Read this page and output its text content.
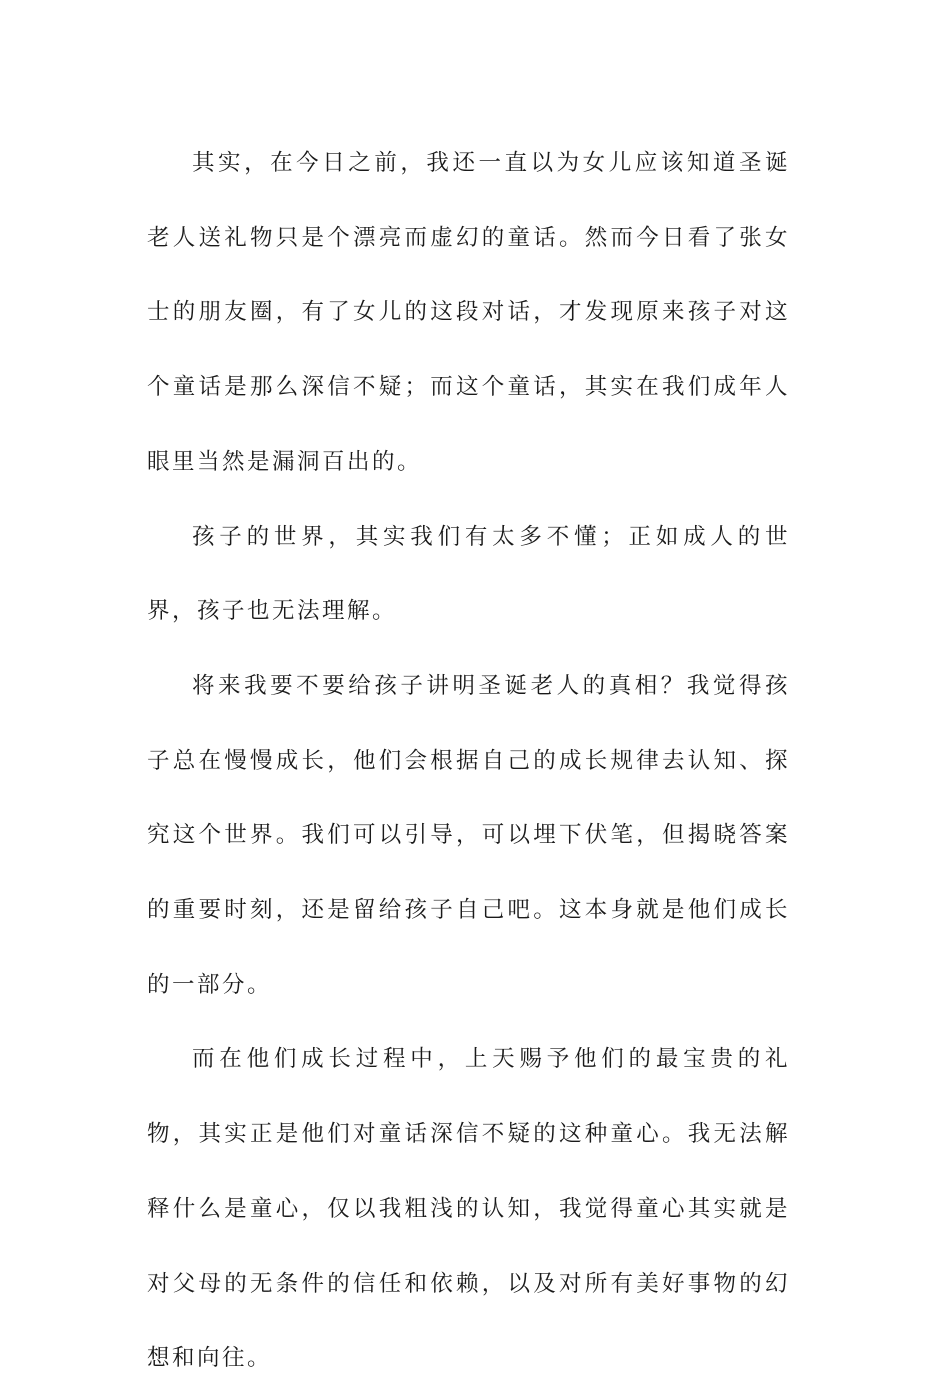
其实，在今日之前，我还一直以为女儿应该知道圣诞老人送礼物只是个漂亮而虚幻的童话。然而今日看了张女士的朋友圈，有了女儿的这段对话，才发现原来孩子对这个童话是那么深信不疑；而这个童话，其实在我们成年人眼里当然是漏洞百出的。

孩子的世界，其实我们有太多不懂；正如成人的世界，孩子也无法理解。

将来我要不要给孩子讲明圣诞老人的真相？我觉得孩子总在慢慢成长，他们会根据自己的成长规律去认知、探究这个世界。我们可以引导，可以埋下伏笔，但揭晓答案的重要时刻，还是留给孩子自己吧。这本身就是他们成长的一部分。

而在他们成长过程中，上天赐予他们的最宝贵的礼物，其实正是他们对童话深信不疑的这种童心。我无法解释什么是童心，仅以我粗浅的认知，我觉得童心其实就是对父母的无条件的信任和依赖，以及对所有美好事物的幻想和向往。
